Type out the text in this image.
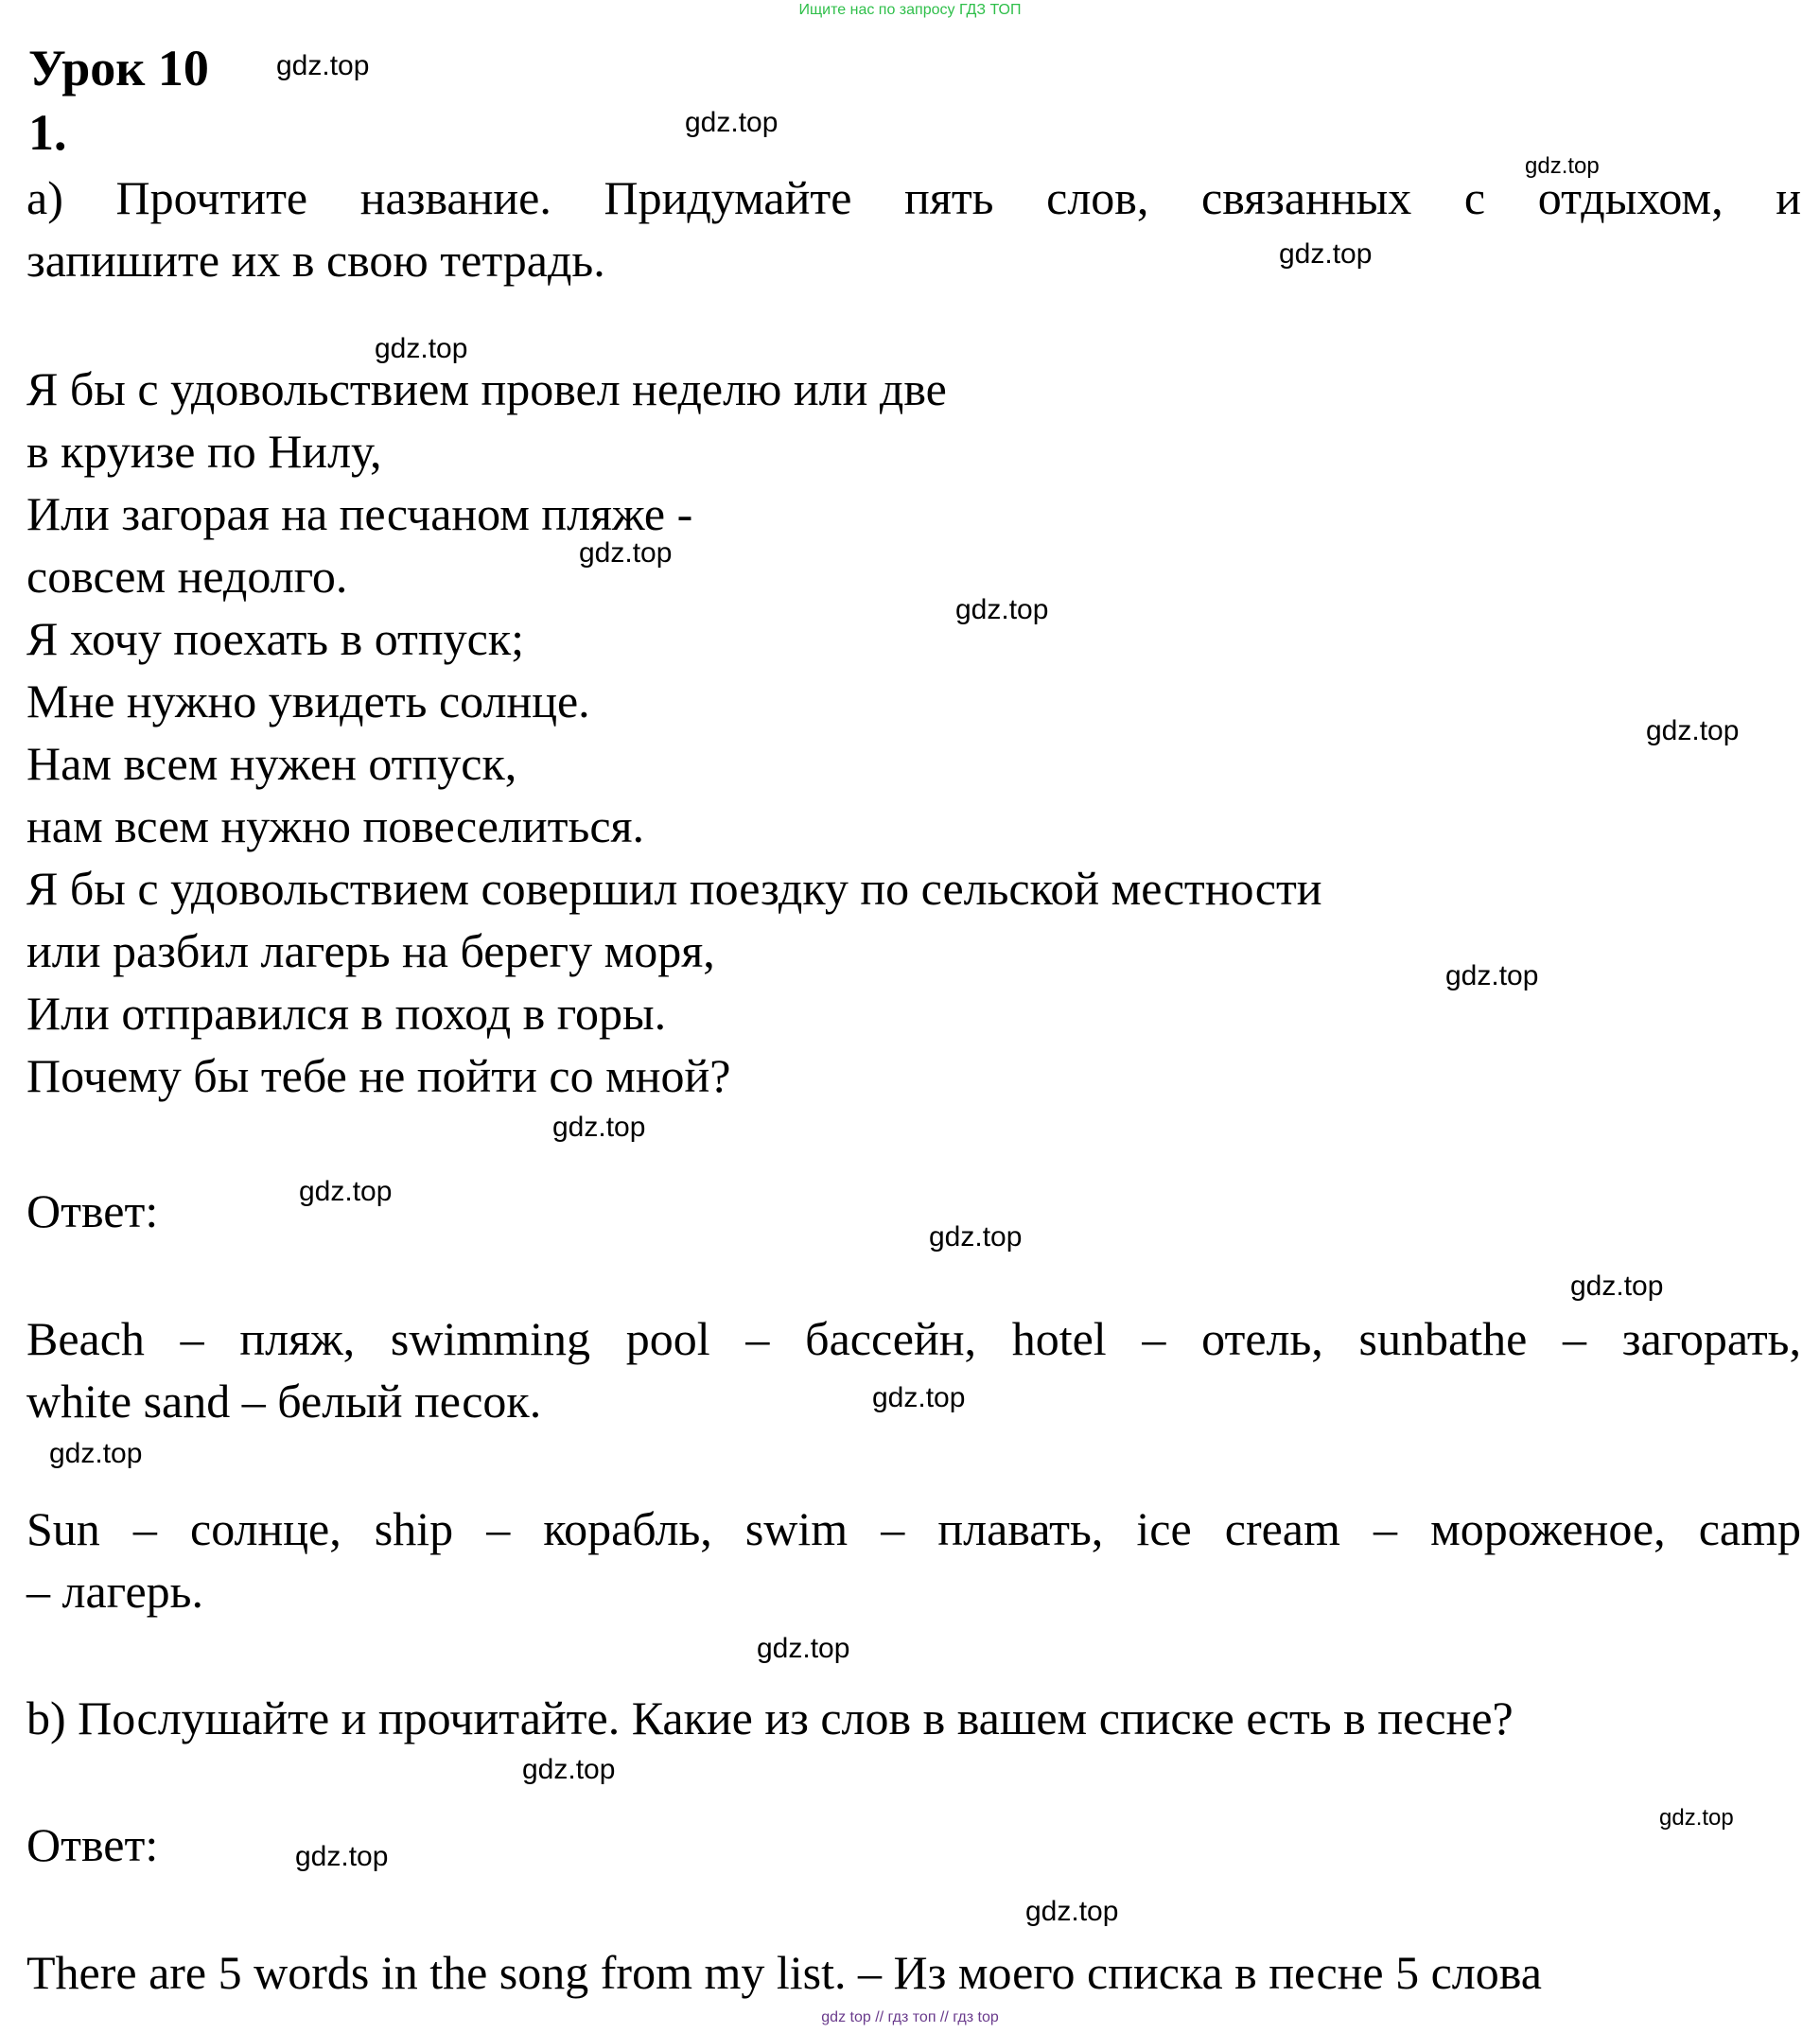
Ищите нас по запросу ГДЗ ТОП
Урок 10
1.
a) Прочтите название. Придумайте пять слов, связанных с отдыхом, и
запишите их в свою тетрадь.
Я бы с удовольствием провел неделю или две
в круизе по Нилу,
Или загорая на песчаном пляже -
совсем недолго.
Я хочу поехать в отпуск;
Мне нужно увидеть солнце.
Нам всем нужен отпуск,
нам всем нужно повеселиться.
Я бы с удовольствием совершил поездку по сельской местности
или разбил лагерь на берегу моря,
Или отправился в поход в горы.
Почему бы тебе не пойти со мной?
Ответ:
Beach – пляж, swimming pool – бассейн, hotel – отель, sunbathe – загорать,
white sand – белый песок.
Sun – солнце, ship – корабль, swim – плавать, ice cream – мороженое, camp
– лагерь.
b) Послушайте и прочитайте. Какие из слов в вашем списке есть в песне?
Ответ:
There are 5 words in the song from my list. – Из моего списка в песне 5 слова
gdz.top
gdz.top
gdz.top
gdz.top
gdz.top
gdz.top
gdz.top
gdz.top
gdz.top
gdz.top
gdz.top
gdz.top
gdz.top
gdz.top
gdz.top
gdz.top
gdz.top
gdz.top
gdz.top
gdz.top
gdz top // гдз топ // гдз top
